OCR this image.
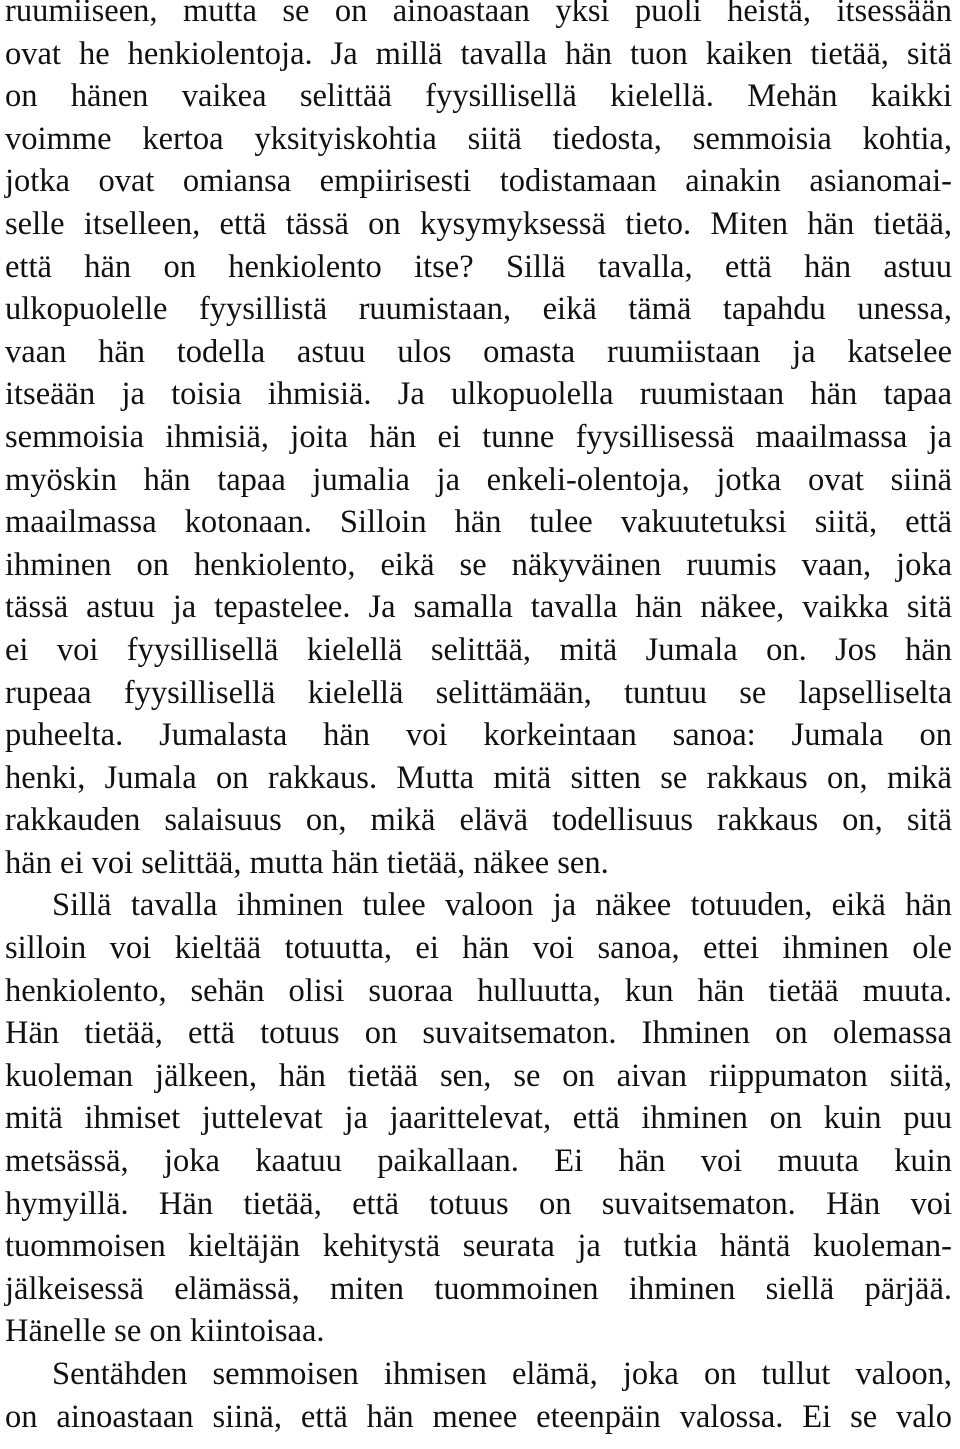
ruumiiseen, mutta se on ainoastaan yksi puoli heistä, itsessään
ovat he henkiolentoja. Ja millä tavalla hän tuon kaiken tietää, sitä
on hänen vaikea selittää fyysillisellä kielellä. Mehän kaikki
voimme kertoa yksityiskohtia siitä tiedosta, semmoisia kohtia,
jotka ovat omiansa empiirisesti todistamaan ainakin asianomai-
selle itselleen, että tässä on kysymyksessä tieto. Miten hän tietää,
että hän on henkiolento itse? Sillä tavalla, että hän astuu
ulkopuolelle fyysillistä ruumistaan, eikä tämä tapahdu unessa,
vaan hän todella astuu ulos omasta ruumiistaan ja katselee
itseään ja toisia ihmisiä. Ja ulkopuolella ruumistaan hän tapaa
semmoisia ihmisiä, joita hän ei tunne fyysillisessä maailmassa ja
myöskin hän tapaa jumalia ja enkeli-olentoja, jotka ovat siinä
maailmassa kotonaan. Silloin hän tulee vakuutetuksi siitä, että
ihminen on henkiolento, eikä se näkyväinen ruumis vaan, joka
tässä astuu ja tepastelee. Ja samalla tavalla hän näkee, vaikka sitä
ei voi fyysillisellä kielellä selittää, mitä Jumala on. Jos hän
rupeaa fyysillisellä kielellä selittämään, tuntuu se lapselliselta
puheelta. Jumalasta hän voi korkeintaan sanoa: Jumala on
henki, Jumala on rakkaus. Mutta mitä sitten se rakkaus on, mikä
rakkauden salaisuus on, mikä elävä todellisuus rakkaus on, sitä
hän ei voi selittää, mutta hän tietää, näkee sen.
Sillä tavalla ihminen tulee valoon ja näkee totuuden, eikä hän
silloin voi kieltää totuutta, ei hän voi sanoa, ettei ihminen ole
henkiolento, sehän olisi suoraa hulluutta, kun hän tietää muuta.
Hän tietää, että totuus on suvaitsematon. Ihminen on olemassa
kuoleman jälkeen, hän tietää sen, se on aivan riippumaton siitä,
mitä ihmiset juttelevat ja jaarittelevat, että ihminen on kuin puu
metsässä, joka kaatuu paikallaan. Ei hän voi muuta kuin
hymyillä. Hän tietää, että totuus on suvaitsematon. Hän voi
tuommoisen kieltäjän kehitystä seurata ja tutkia häntä kuoleman-
jälkeisessä elämässä, miten tuommoinen ihminen siellä pärjää.
Hänelle se on kiintoisaa.
Sentähden semmoisen ihmisen elämä, joka on tullut valoon,
on ainoastaan siinä, että hän menee eteenpäin valossa. Ei se valo
